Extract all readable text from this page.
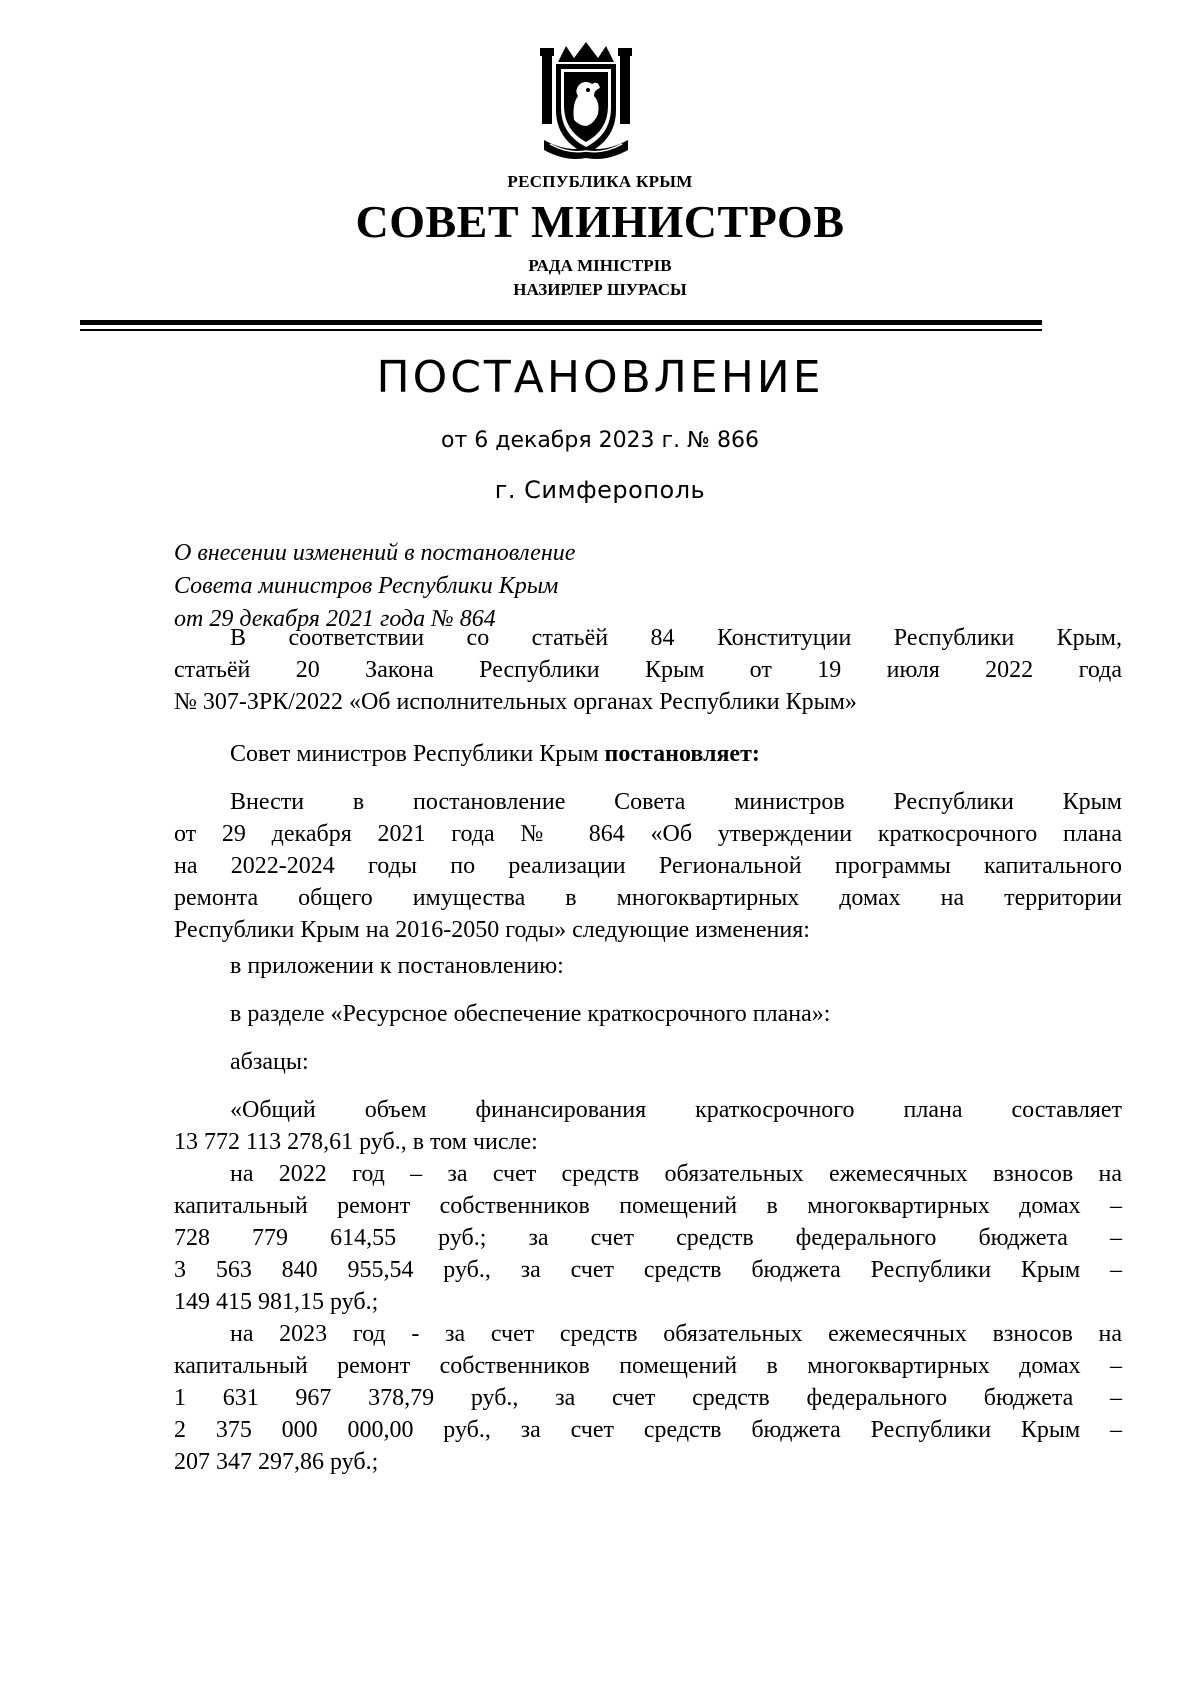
РЕСПУБЛИКА КРЫМ
СОВЕТ МИНИСТРОВ
РАДА МІНІСТРІВ
НАЗИРЛЕР ШУРАСЫ
ПОСТАНОВЛЕНИЕ
от 6 декабря 2023 г. № 866
г. Симферополь
О внесении изменений в постановление
Совета министров Республики Крым
от 29 декабря 2021 года № 864

В соответствии со статьёй 84 Конституции Республики Крым,

статьёй 20 Закона Республики Крым от 19 июля 2022 года

№ 307-ЗРК/2022 «Об исполнительных органах Республики Крым»

Совет министров Республики Крым постановляет:

Внести в постановление Совета министров Республики Крым

от 29 декабря 2021 года № 864 «Об утверждении краткосрочного плана

на 2022-2024 годы по реализации Региональной программы капитального

ремонта общего имущества в многоквартирных домах на территории

Республики Крым на 2016-2050 годы» следующие изменения:

в приложении к постановлению:

в разделе «Ресурсное обеспечение краткосрочного плана»:

абзацы:

«Общий объем финансирования краткосрочного плана составляет

13 772 113 278,61 руб., в том числе:

на 2022 год – за счет средств обязательных ежемесячных взносов на

капитальный ремонт собственников помещений в многоквартирных домах –

728 779 614,55 руб.; за счет средств федерального бюджета –

3 563 840 955,54 руб., за счет средств бюджета Республики Крым –

149 415 981,15 руб.;

на 2023 год - за счет средств обязательных ежемесячных взносов на

капитальный ремонт собственников помещений в многоквартирных домах –

1 631 967 378,79 руб., за счет средств федерального бюджета –

2 375 000 000,00 руб., за счет средств бюджета Республики Крым –

207 347 297,86 руб.;
